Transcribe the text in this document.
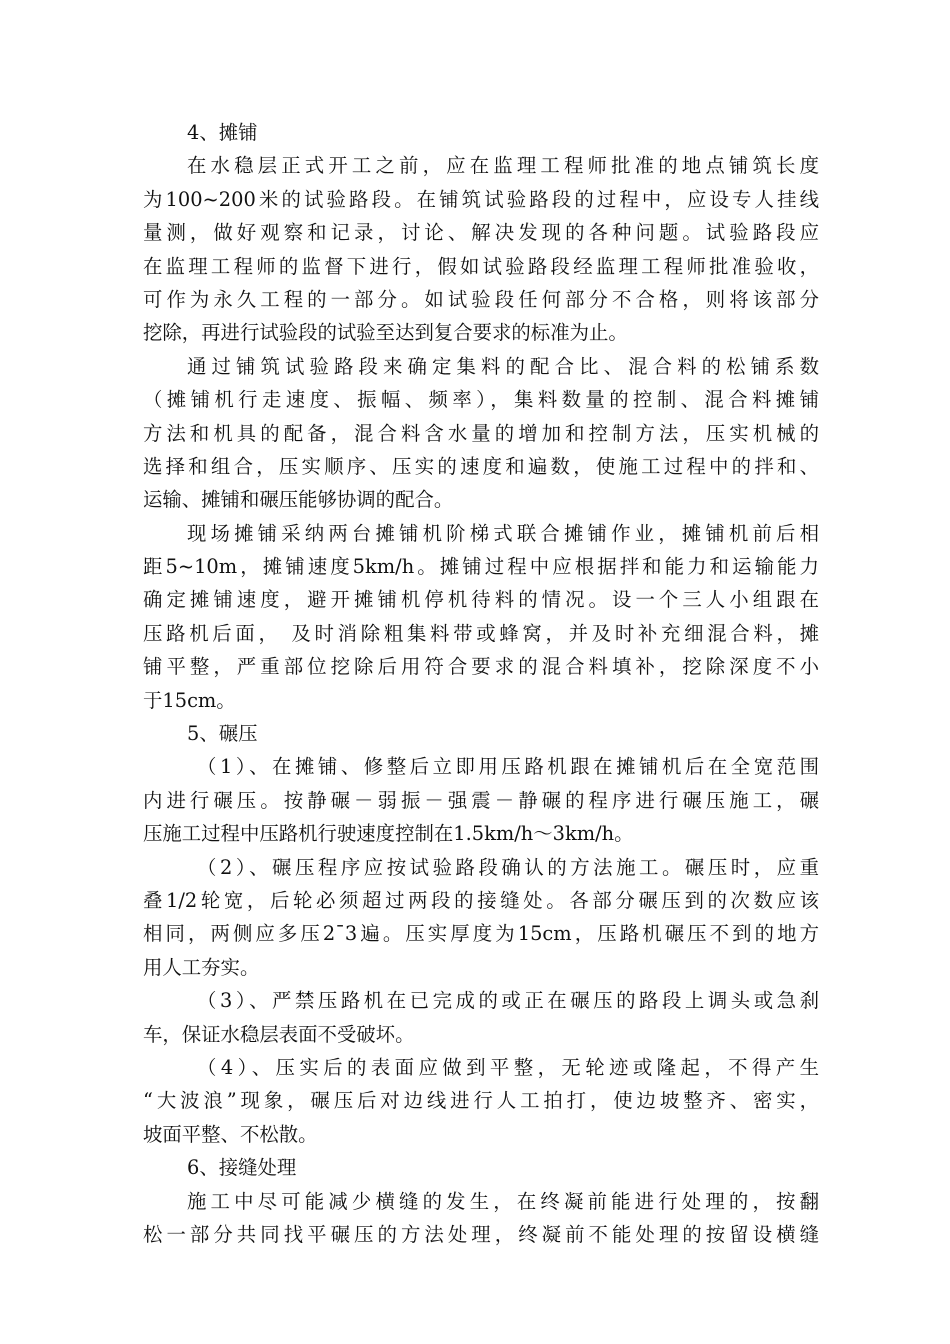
4、摊铺
在水稳层正式开工之前，应在监理工程师批准的地点铺筑长度
为100~200米的试验路段。在铺筑试验路段的过程中，应设专人挂线
量测，做好观察和记录，讨论、解决发现的各种问题。试验路段应
在监理工程师的监督下进行，假如试验路段经监理工程师批准验收，
可作为永久工程的一部分。如试验段任何部分不合格，则将该部分
挖除，再进行试验段的试验至达到复合要求的标准为止。
通过铺筑试验路段来确定集料的配合比、混合料的松铺系数
（摊铺机行走速度、振幅、频率），集料数量的控制、混合料摊铺
方法和机具的配备，混合料含水量的增加和控制方法，压实机械的
选择和组合，压实顺序、压实的速度和遍数，使施工过程中的拌和、
运输、摊铺和碾压能够协调的配合。
现场摊铺采纳两台摊铺机阶梯式联合摊铺作业，摊铺机前后相
距5~10m，摊铺速度5km/h。摊铺过程中应根据拌和能力和运输能力
确定摊铺速度，避开摊铺机停机待料的情况。设一个三人小组跟在
压路机后面， 及时消除粗集料带或蜂窝，并及时补充细混合料，摊
铺平整，严重部位挖除后用符合要求的混合料填补，挖除深度不小
于15cm。
5、碾压
（1）、在摊铺、修整后立即用压路机跟在摊铺机后在全宽范围
内进行碾压。按静碾－弱振－强震－静碾的程序进行碾压施工，碾
压施工过程中压路机行驶速度控制在1.5km/h～3km/h。
（2）、碾压程序应按试验路段确认的方法施工。碾压时，应重
叠1/2轮宽，后轮必须超过两段的接缝处。各部分碾压到的次数应该
相同，两侧应多压2¯3遍。压实厚度为15cm，压路机碾压不到的地方
用人工夯实。
（3）、严禁压路机在已完成的或正在碾压的路段上调头或急刹
车，保证水稳层表面不受破坏。
（4）、压实后的表面应做到平整，无轮迹或隆起，不得产生
“大波浪”现象，碾压后对边线进行人工拍打，使边坡整齐、密实，
坡面平整、不松散。
6、接缝处理
施工中尽可能减少横缝的发生，在终凝前能进行处理的，按翻
松一部分共同找平碾压的方法处理，终凝前不能处理的按留设横缝
